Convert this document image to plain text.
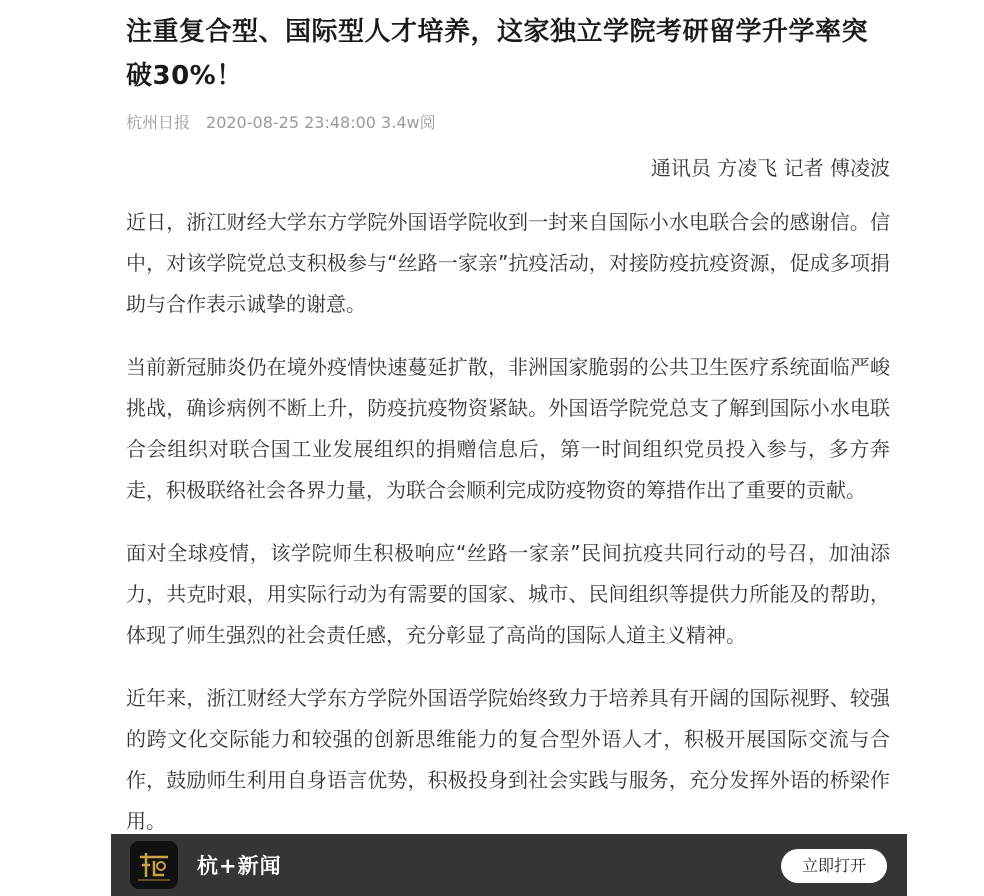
注重复合型、国际型人才培养，这家独立学院考研留学升学率突破30%！
杭州日报 2020-08-25 23:48:00 3.4w阅
通讯员 方凌飞 记者 傅凌波

近日，浙江财经大学东方学院外国语学院收到一封来自国际小水电联合会的感谢信。信中，对该学院党总支积极参与“丝路一家亲”抗疫活动，对接防疫抗疫资源，促成多项捐助与合作表示诚挚的谢意。

当前新冠肺炎仍在境外疫情快速蔓延扩散，非洲国家脆弱的公共卫生医疗系统面临严峻挑战，确诊病例不断上升，防疫抗疫物资紧缺。外国语学院党总支了解到国际小水电联合会组织对联合国工业发展组织的捐赠信息后，第一时间组织党员投入参与，多方奔走，积极联络社会各界力量，为联合会顺利完成防疫物资的筹措作出了重要的贡献。

面对全球疫情，该学院师生积极响应“丝路一家亲”民间抗疫共同行动的号召，加油添力，共克时艰，用实际行动为有需要的国家、城市、民间组织等提供力所能及的帮助，体现了师生强烈的社会责任感，充分彰显了高尚的国际人道主义精神。

近年来，浙江财经大学东方学院外国语学院始终致力于培养具有开阔的国际视野、较强的跨文化交际能力和较强的创新思维能力的复合型外语人才，积极开展国际交流与合作，鼓励师生利用自身语言优势，积极投身到社会实践与服务，充分发挥外语的桥梁作用。

杭+新闻	立即打开
